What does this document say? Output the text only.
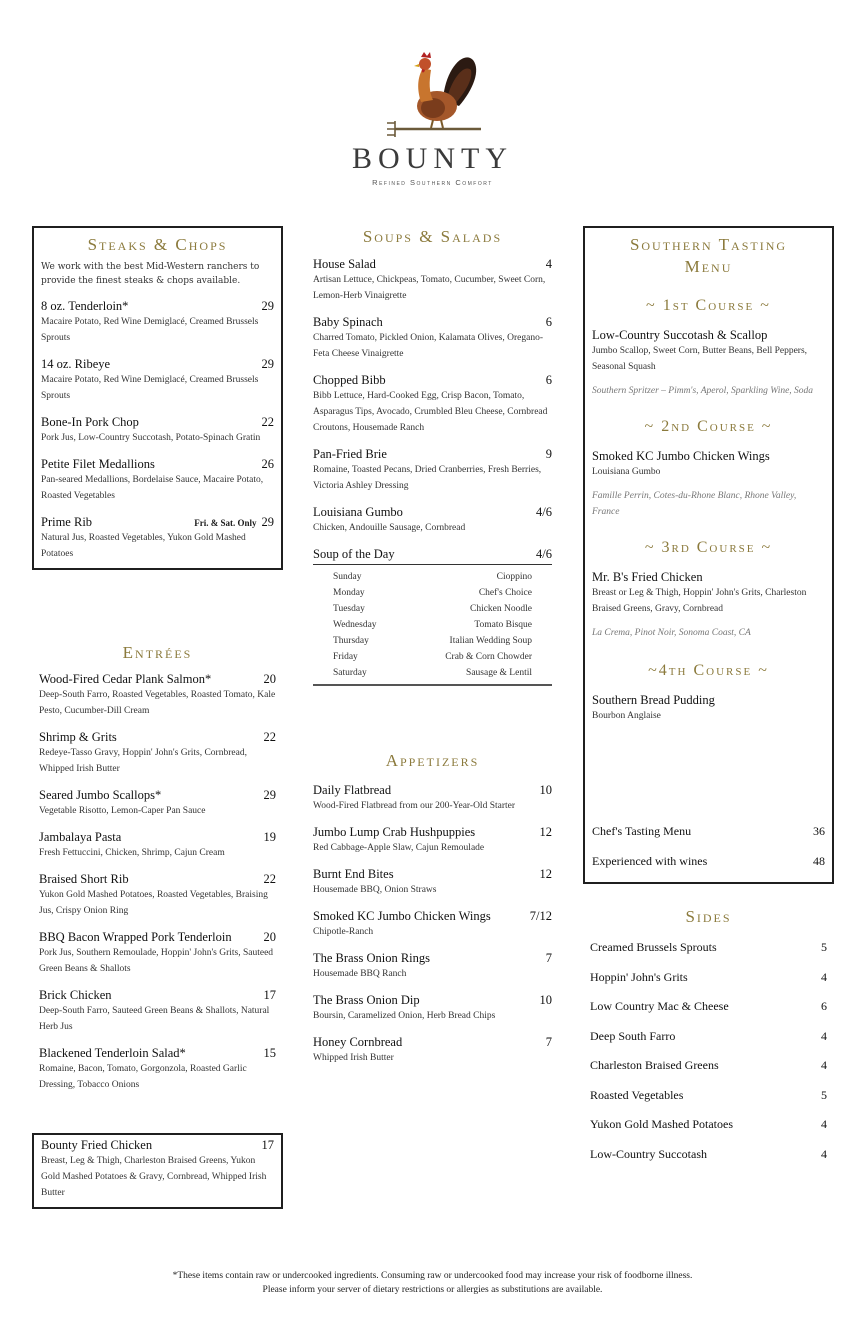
BOUNTY
Refined Southern Comfort
Steaks & Chops
We work with the best Mid-Western ranchers to provide the finest steaks & chops available.
8 oz. Tenderloin*	29
Macaire Potato, Red Wine Demiglacé, Creamed Brussels Sprouts
14 oz. Ribeye	29
Macaire Potato, Red Wine Demiglacé, Creamed Brussels Sprouts
Bone-In Pork Chop	22
Pork Jus, Low-Country Succotash, Potato-Spinach Gratin
Petite Filet Medallions	26
Pan-seared Medallions, Bordelaise Sauce, Macaire Potato, Roasted Vegetables
Prime Rib	Fri. & Sat. Only 29
Natural Jus, Roasted Vegetables, Yukon Gold Mashed Potatoes
Entrées
Wood-Fired Cedar Plank Salmon*	20
Deep-South Farro, Roasted Vegetables, Roasted Tomato, Kale Pesto, Cucumber-Dill Cream
Shrimp & Grits	22
Redeye-Tasso Gravy, Hoppin' John's Grits, Cornbread, Whipped Irish Butter
Seared Jumbo Scallops*	29
Vegetable Risotto, Lemon-Caper Pan Sauce
Jambalaya Pasta	19
Fresh Fettuccini, Chicken, Shrimp, Cajun Cream
Braised Short Rib	22
Yukon Gold Mashed Potatoes, Roasted Vegetables, Braising Jus, Crispy Onion Ring
BBQ Bacon Wrapped Pork Tenderloin	20
Pork Jus, Southern Remoulade, Hoppin' John's Grits, Sauteed Green Beans & Shallots
Brick Chicken	17
Deep-South Farro, Sauteed Green Beans & Shallots, Natural Herb Jus
Blackened Tenderloin Salad*	15
Romaine, Bacon, Tomato, Gorgonzola, Roasted Garlic Dressing, Tobacco Onions
Bounty Fried Chicken	17
Breast, Leg & Thigh, Charleston Braised Greens, Yukon Gold Mashed Potatoes & Gravy, Cornbread, Whipped Irish Butter
Soups & Salads
House Salad	4
Artisan Lettuce, Chickpeas, Tomato, Cucumber, Sweet Corn, Lemon-Herb Vinaigrette
Baby Spinach	6
Charred Tomato, Pickled Onion, Kalamata Olives, Oregano-Feta Cheese Vinaigrette
Chopped Bibb	6
Bibb Lettuce, Hard-Cooked Egg, Crisp Bacon, Tomato, Asparagus Tips, Avocado, Crumbled Bleu Cheese, Cornbread Croutons, Housemade Ranch
Pan-Fried Brie	9
Romaine, Toasted Pecans, Dried Cranberries, Fresh Berries, Victoria Ashley Dressing
Louisiana Gumbo	4/6
Chicken, Andouille Sausage, Cornbread
Soup of the Day	4/6
Sunday	Cioppino
Monday	Chef's Choice
Tuesday	Chicken Noodle
Wednesday	Tomato Bisque
Thursday	Italian Wedding Soup
Friday	Crab & Corn Chowder
Saturday	Sausage & Lentil
Appetizers
Daily Flatbread	10
Wood-Fired Flatbread from our 200-Year-Old Starter
Jumbo Lump Crab Hushpuppies	12
Red Cabbage-Apple Slaw, Cajun Remoulade
Burnt End Bites	12
Housemade BBQ, Onion Straws
Smoked KC Jumbo Chicken Wings	7/12
Chipotle-Ranch
The Brass Onion Rings	7
Housemade BBQ Ranch
The Brass Onion Dip	10
Boursin, Caramelized Onion, Herb Bread Chips
Honey Cornbread	7
Whipped Irish Butter
Southern Tasting Menu
~ 1st Course ~
Low-Country Succotash & Scallop
Jumbo Scallop, Sweet Corn, Butter Beans, Bell Peppers, Seasonal Squash
Southern Spritzer – Pimm's, Aperol, Sparkling Wine, Soda
~ 2nd Course ~
Smoked KC Jumbo Chicken Wings
Louisiana Gumbo
Famille Perrin, Cotes-du-Rhone Blanc, Rhone Valley, France
~ 3rd Course ~
Mr. B's Fried Chicken
Breast or Leg & Thigh, Hoppin' John's Grits, Charleston Braised Greens, Gravy, Cornbread
La Crema, Pinot Noir, Sonoma Coast, CA
~4th Course ~
Southern Bread Pudding
Bourbon Anglaise
Chef's Tasting Menu	36
Experienced with wines	48
Sides
Creamed Brussels Sprouts	5
Hoppin' John's Grits	4
Low Country Mac & Cheese	6
Deep South Farro	4
Charleston Braised Greens	4
Roasted Vegetables	5
Yukon Gold Mashed Potatoes	4
Low-Country Succotash	4
*These items contain raw or undercooked ingredients. Consuming raw or undercooked food may increase your risk of foodborne illness.
Please inform your server of dietary restrictions or allergies as substitutions are available.
